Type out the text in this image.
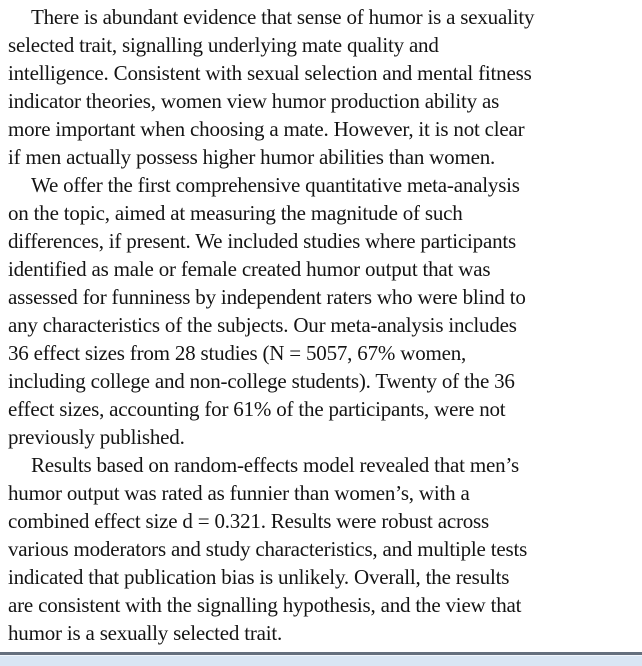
There is abundant evidence that sense of humor is a sexuality
selected trait, signalling underlying mate quality and
intelligence. Consistent with sexual selection and mental fitness
indicator theories, women view humor production ability as
more important when choosing a mate. However, it is not clear
if men actually possess higher humor abilities than women.
We offer the first comprehensive quantitative meta-analysis
on the topic, aimed at measuring the magnitude of such
differences, if present. We included studies where participants
identified as male or female created humor output that was
assessed for funniness by independent raters who were blind to
any characteristics of the subjects. Our meta-analysis includes
36 effect sizes from 28 studies (N = 5057, 67% women,
including college and non-college students). Twenty of the 36
effect sizes, accounting for 61% of the participants, were not
previously published.
Results based on random-effects model revealed that men’s
humor output was rated as funnier than women’s, with a
combined effect size d = 0.321. Results were robust across
various moderators and study characteristics, and multiple tests
indicated that publication bias is unlikely. Overall, the results
are consistent with the signalling hypothesis, and the view that
humor is a sexually selected trait.
